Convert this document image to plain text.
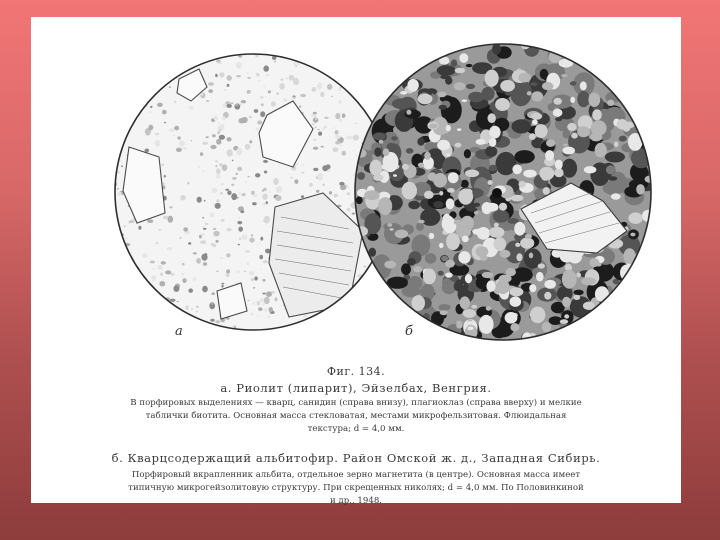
а	б
Фиг. 134.
а. Риолит (липарит), Эйзелбах, Венгрия.
В порфировых выделениях — кварц, санидин (справа внизу), плагиоклаз (справа вверху) и мелкие
таблички биотита. Основная масса стекловатая, местами микрофельзитовая. Флюидальная
текстура; d = 4,0 мм.
б. Кварцсодержащий альбитофир. Район Омской ж. д., Западная Сибирь.
Порфировый вкрапленник альбита, отдельное зерно магнетита (в центре). Основная масса имеет
типичную микрогейзолитовую структуру. При скрещенных николях; d = 4,0 мм. По Половинкиной
и др., 1948.
